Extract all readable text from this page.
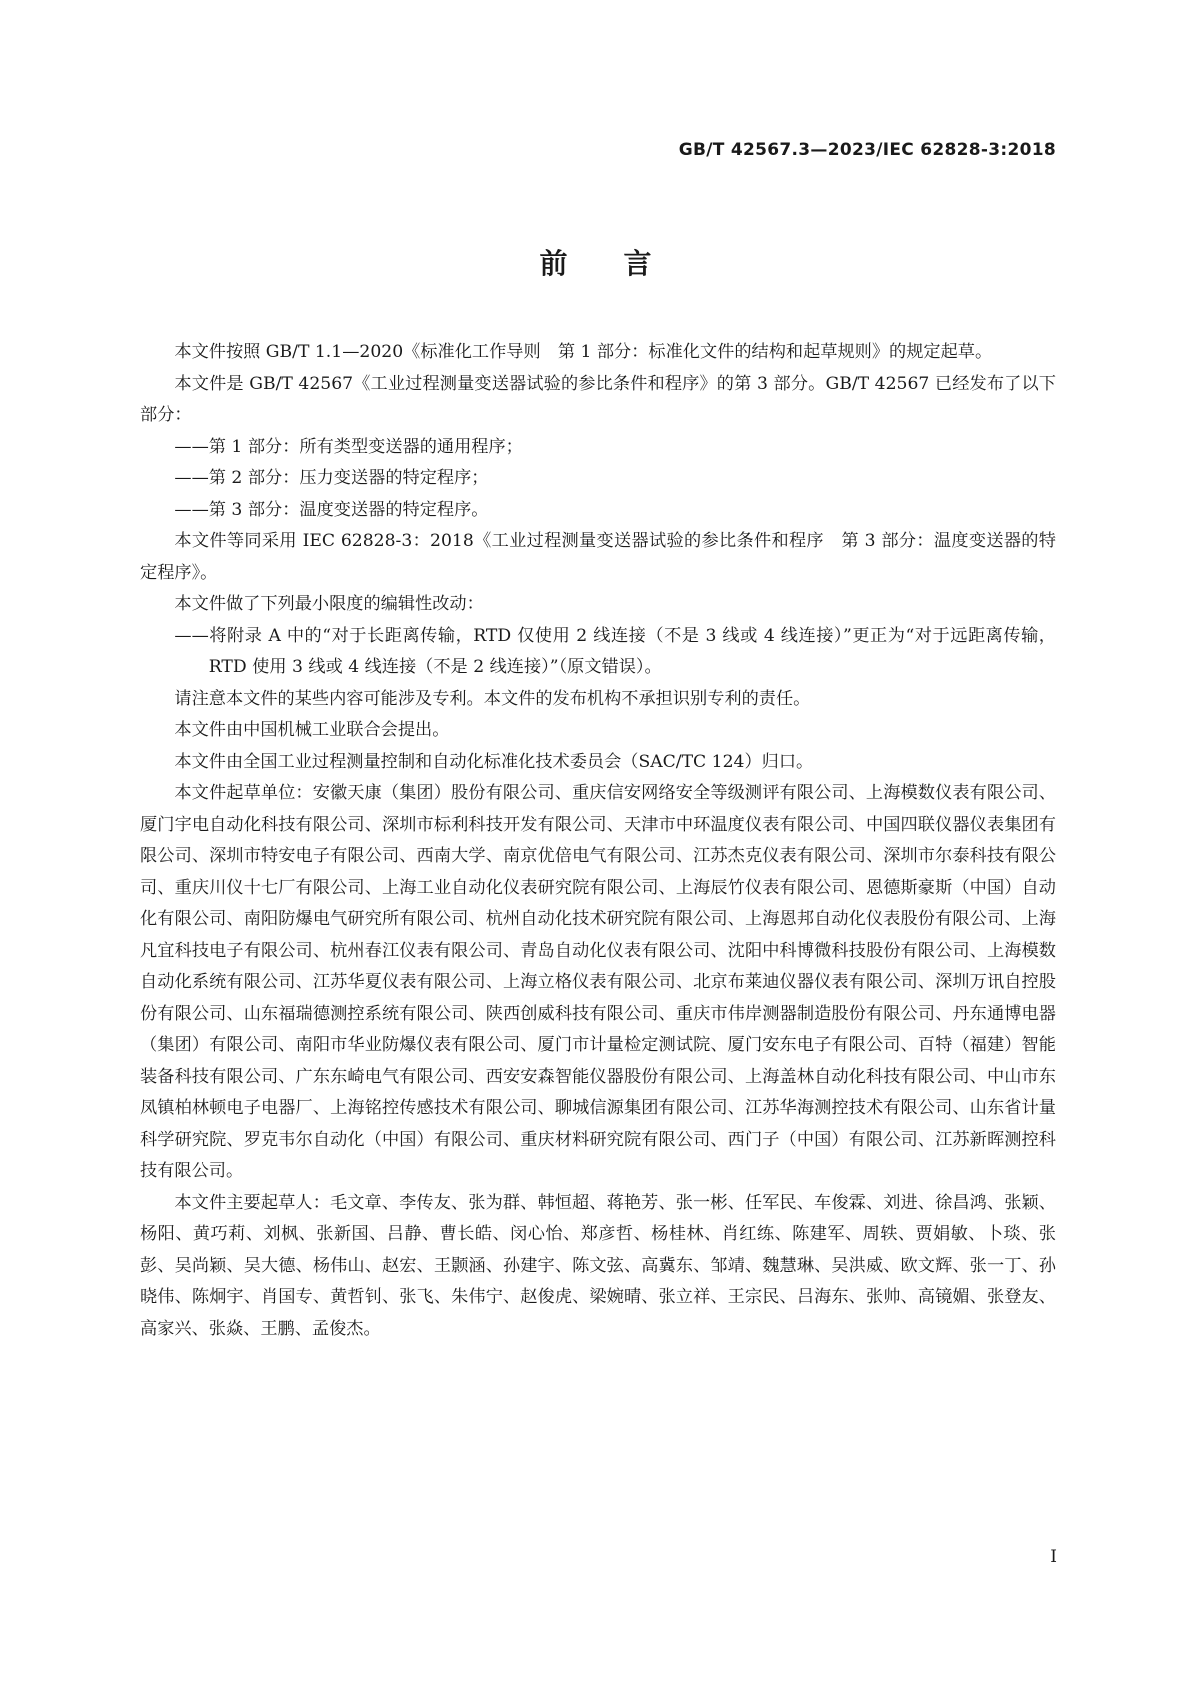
GB/T 42567.3—2023/IEC 62828-3:2018
前言

本文件按照 GB/T 1.1—2020《标准化工作导则　第 1 部分：标准化文件的结构和起草规则》的规定起草。

本文件是 GB/T 42567《工业过程测量变送器试验的参比条件和程序》的第 3 部分。GB/T 42567 已经发布了以下部分：

——第 1 部分：所有类型变送器的通用程序；

——第 2 部分：压力变送器的特定程序；

——第 3 部分：温度变送器的特定程序。

本文件等同采用 IEC 62828-3：2018《工业过程测量变送器试验的参比条件和程序　第 3 部分：温度变送器的特定程序》。

本文件做了下列最小限度的编辑性改动：

——将附录 A 中的“对于长距离传输，RTD 仅使用 2 线连接（不是 3 线或 4 线连接）”更正为“对于远距离传输，RTD 使用 3 线或 4 线连接（不是 2 线连接）”（原文错误）。

请注意本文件的某些内容可能涉及专利。本文件的发布机构不承担识别专利的责任。

本文件由中国机械工业联合会提出。

本文件由全国工业过程测量控制和自动化标准化技术委员会（SAC/TC 124）归口。

本文件起草单位：安徽天康（集团）股份有限公司、重庆信安网络安全等级测评有限公司、上海模数仪表有限公司、厦门宇电自动化科技有限公司、深圳市标利科技开发有限公司、天津市中环温度仪表有限公司、中国四联仪器仪表集团有限公司、深圳市特安电子有限公司、西南大学、南京优倍电气有限公司、江苏杰克仪表有限公司、深圳市尔泰科技有限公司、重庆川仪十七厂有限公司、上海工业自动化仪表研究院有限公司、上海辰竹仪表有限公司、恩德斯豪斯（中国）自动化有限公司、南阳防爆电气研究所有限公司、杭州自动化技术研究院有限公司、上海恩邦自动化仪表股份有限公司、上海凡宜科技电子有限公司、杭州春江仪表有限公司、青岛自动化仪表有限公司、沈阳中科博微科技股份有限公司、上海模数自动化系统有限公司、江苏华夏仪表有限公司、上海立格仪表有限公司、北京布莱迪仪器仪表有限公司、深圳万讯自控股份有限公司、山东福瑞德测控系统有限公司、陕西创威科技有限公司、重庆市伟岸测器制造股份有限公司、丹东通博电器（集团）有限公司、南阳市华业防爆仪表有限公司、厦门市计量检定测试院、厦门安东电子有限公司、百特（福建）智能装备科技有限公司、广东东崎电气有限公司、西安安森智能仪器股份有限公司、上海盖林自动化科技有限公司、中山市东凤镇柏林顿电子电器厂、上海铭控传感技术有限公司、聊城信源集团有限公司、江苏华海测控技术有限公司、山东省计量科学研究院、罗克韦尔自动化（中国）有限公司、重庆材料研究院有限公司、西门子（中国）有限公司、江苏新晖测控科技有限公司。

本文件主要起草人：毛文章、李传友、张为群、韩恒超、蒋艳芳、张一彬、任军民、车俊霖、刘进、徐昌鸿、张颖、杨阳、黄巧莉、刘枫、张新国、吕静、曹长皓、闵心怡、郑彦哲、杨桂林、肖红练、陈建军、周轶、贾娟敏、卜琰、张彭、吴尚颖、吴大德、杨伟山、赵宏、王颢涵、孙建宇、陈文弦、高冀东、邹靖、魏慧琳、吴洪威、欧文辉、张一丁、孙晓伟、陈炯宇、肖国专、黄哲钊、张飞、朱伟宁、赵俊虎、梁婉晴、张立祥、王宗民、吕海东、张帅、高镜媚、张登友、高家兴、张焱、王鹏、孟俊杰。

I
